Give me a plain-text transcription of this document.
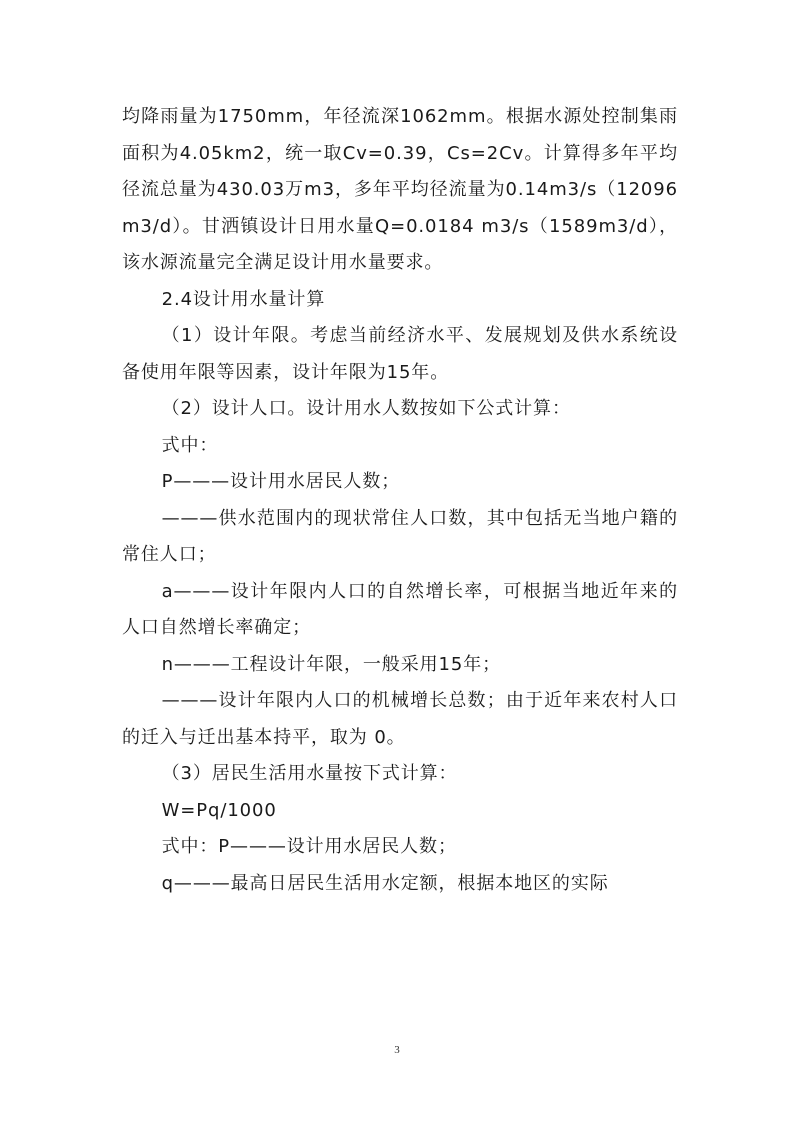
均降雨量为1750mm，年径流深1062mm。根据水源处控制集雨面积为4.05km2，统一取Cv=0.39，Cs=2Cv。计算得多年平均径流总量为430.03万m3，多年平均径流量为0.14m3/s（12096 m3/d）。甘洒镇设计日用水量Q=0.0184 m3/s（1589m3/d），该水源流量完全满足设计用水量要求。

2.4设计用水量计算

（1）设计年限。考虑当前经济水平、发展规划及供水系统设备使用年限等因素，设计年限为15年。

（2）设计人口。设计用水人数按如下公式计算：

式中：

P———设计用水居民人数；

———供水范围内的现状常住人口数，其中包括无当地户籍的常住人口；

a———设计年限内人口的自然增长率，可根据当地近年来的人口自然增长率确定；

n———工程设计年限，一般采用15年；

———设计年限内人口的机械增长总数；由于近年来农村人口的迁入与迁出基本持平，取为 0。

（3）居民生活用水量按下式计算：

W=Pq/1000

式中：P———设计用水居民人数；

q———最高日居民生活用水定额，根据本地区的实际

3
